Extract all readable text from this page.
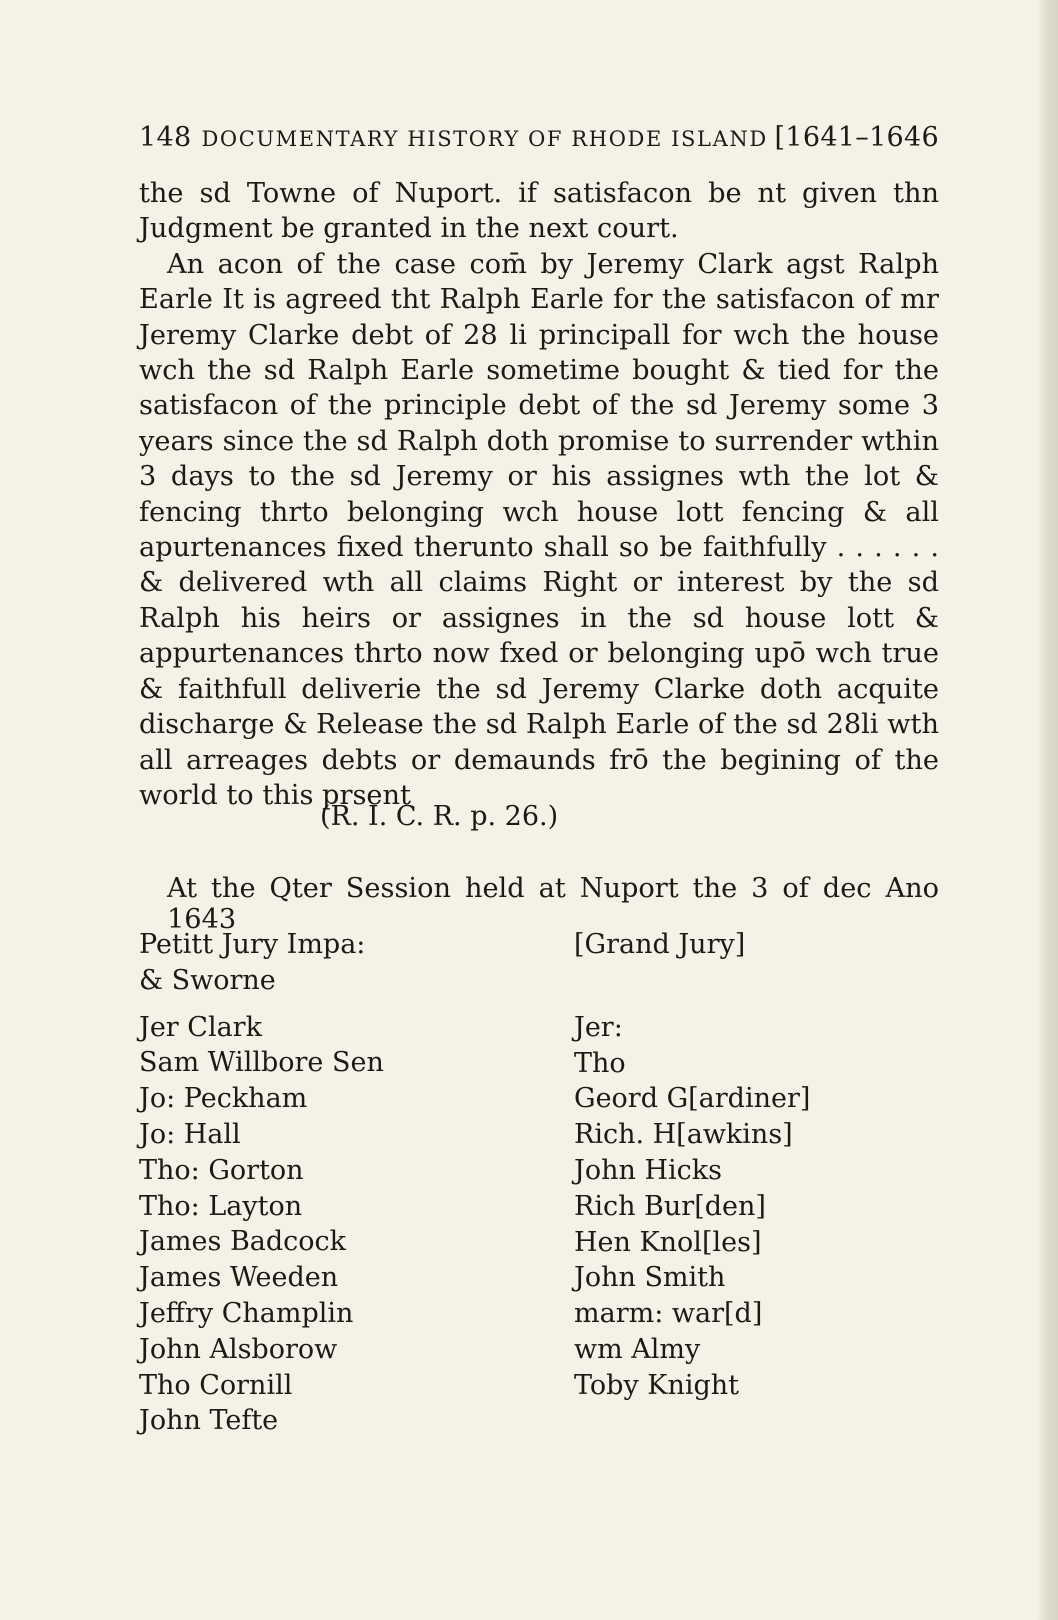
148 DOCUMENTARY HISTORY OF RHODE ISLAND [1641–1646

the sd Towne of Nuport. if satisfacon be nt given thn Judgment be granted in the next court.

An acon of the case com̄ by Jeremy Clark agst Ralph Earle It is agreed tht Ralph Earle for the satisfacon of mr Jeremy Clarke debt of 28 li principall for wch the house wch the sd Ralph Earle sometime bought & tied for the satisfacon of the principle debt of the sd Jeremy some 3 years since the sd Ralph doth promise to surrender wthin 3 days to the sd Jeremy or his assignes wth the lot & fencing thrto belonging wch house lott fencing & all apurtenances fixed therunto shall so be faithfully . . . . . . & delivered wth all claims Right or interest by the sd Ralph his heirs or assignes in the sd house lott & appurtenances thrto now fxed or belonging upō wch true & faithfull deliverie the sd Jeremy Clarke doth acquite discharge & Release the sd Ralph Earle of the sd 28li wth all arreages debts or demaunds frō the begining of the world to this prsent

(R. I. C. R. p. 26.)
At the Qter Session held at Nuport the 3 of dec Ano 1643

Petitt Jury Impa:

& Sworne

Jer Clark
Sam Willbore Sen
Jo: Peckham
Jo: Hall
Tho: Gorton
Tho: Layton
James Badcock
James Weeden
Jeffry Champlin
John Alsborow
Tho Cornill
John Tefte

[Grand Jury]

Jer:
Tho
Geord G[ardiner]
Rich. H[awkins]
John Hicks
Rich Bur[den]
Hen Knol[les]
John Smith
marm: war[d]
wm Almy
Toby Knight
